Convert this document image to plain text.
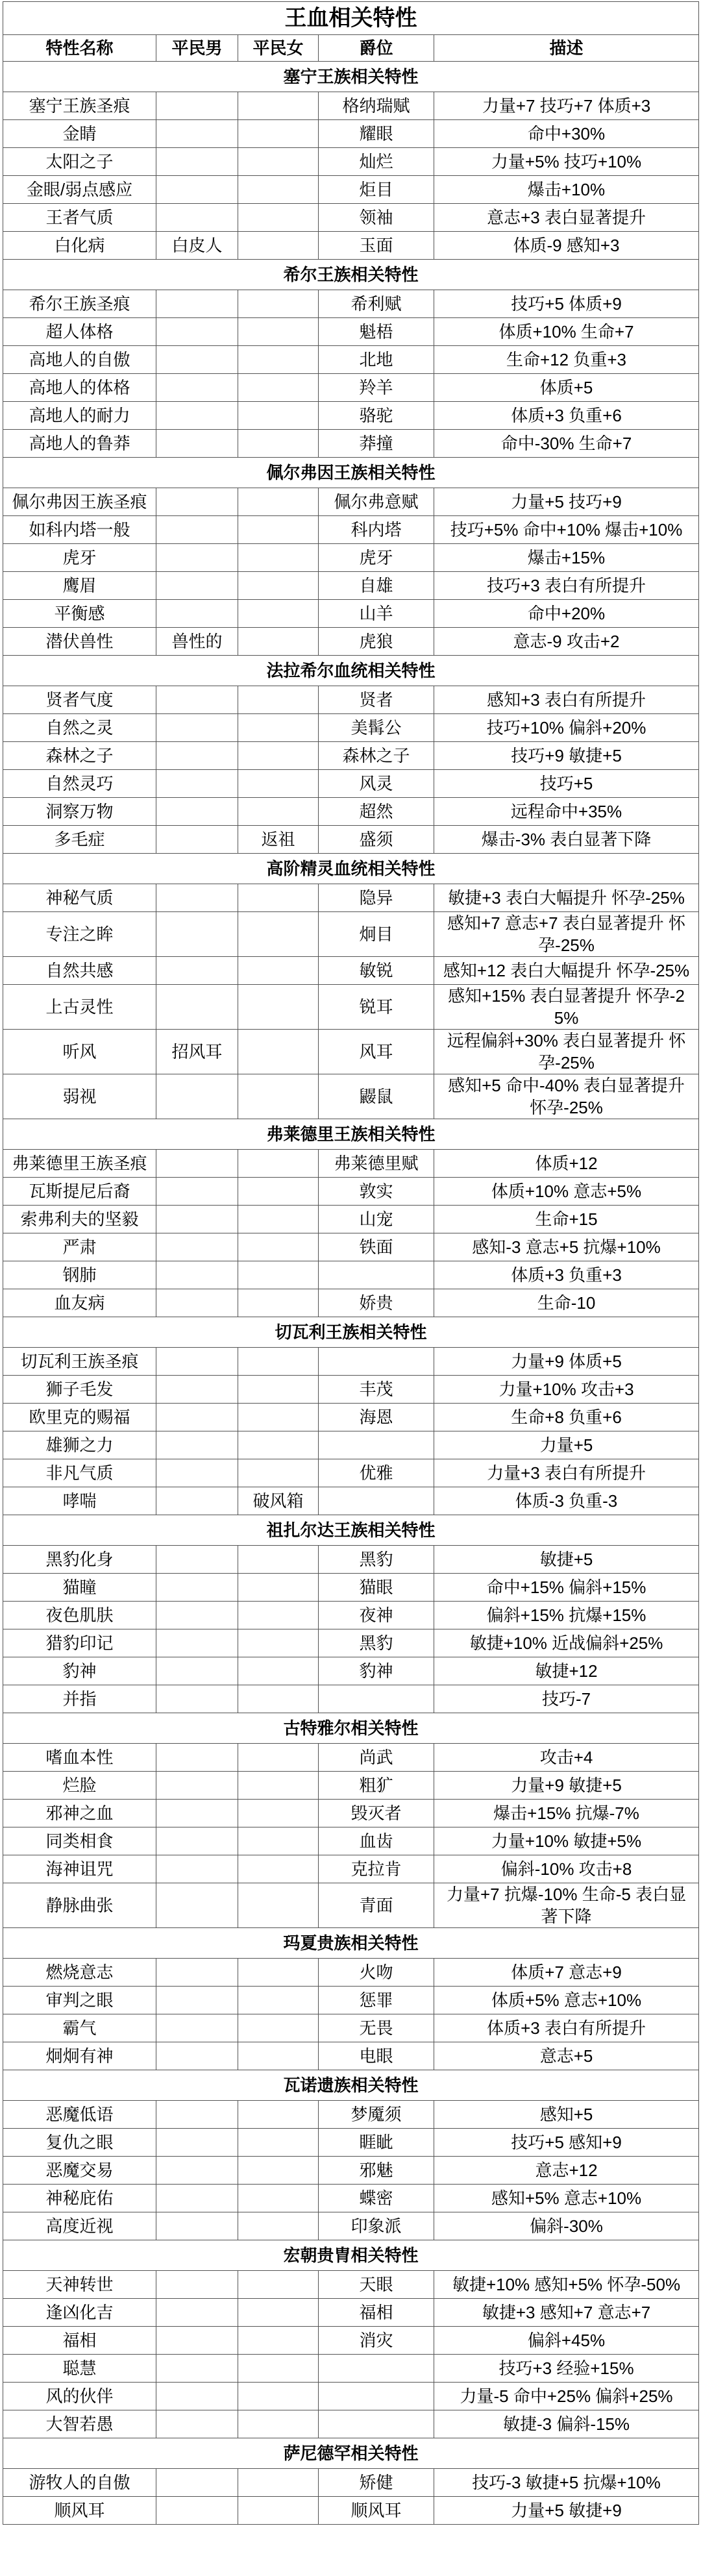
王血相关特性				
特性名称	平民男	平民女	爵位	描述
塞宁王族相关特性				
塞宁王族圣痕			格纳瑞赋	力量+7 技巧+7 体质+3
金睛			耀眼	命中+30%
太阳之子			灿烂	力量+5% 技巧+10%
金眼/弱点感应			炬目	爆击+10%
王者气质			领袖	意志+3 表白显著提升
白化病	白皮人		玉面	体质-9 感知+3
希尔王族相关特性				
希尔王族圣痕			希利赋	技巧+5 体质+9
超人体格			魁梧	体质+10% 生命+7
高地人的自傲			北地	生命+12 负重+3
高地人的体格			羚羊	体质+5
高地人的耐力			骆驼	体质+3 负重+6
高地人的鲁莽			莽撞	命中-30% 生命+7
佩尔弗因王族相关特性				
佩尔弗因王族圣痕			佩尔弗意赋	力量+5 技巧+9
如科内塔一般			科内塔	技巧+5% 命中+10% 爆击+10%
虎牙			虎牙	爆击+15%
鹰眉			自雄	技巧+3 表白有所提升
平衡感			山羊	命中+20%
潜伏兽性	兽性的		虎狼	意志-9 攻击+2
法拉希尔血统相关特性				
贤者气度			贤者	感知+3 表白有所提升
自然之灵			美髯公	技巧+10% 偏斜+20%
森林之子			森林之子	技巧+9 敏捷+5
自然灵巧			风灵	技巧+5
洞察万物			超然	远程命中+35%
多毛症		返祖	盛须	爆击-3% 表白显著下降
高阶精灵血统相关特性				
神秘气质			隐异	敏捷+3 表白大幅提升 怀孕-25%
专注之眸			炯目	感知+7 意志+7 表白显著提升 怀孕-25%
自然共感			敏锐	感知+12 表白大幅提升 怀孕-25%
上古灵性			锐耳	感知+15% 表白显著提升 怀孕-25%
听风	招风耳		风耳	远程偏斜+30% 表白显著提升 怀孕-25%
弱视			鼹鼠	感知+5 命中-40% 表白显著提升 怀孕-25%
弗莱德里王族相关特性				
弗莱德里王族圣痕			弗莱德里赋	体质+12
瓦斯提尼后裔			敦实	体质+10% 意志+5%
索弗利夫的坚毅			山宠	生命+15
严肃			铁面	感知-3 意志+5 抗爆+10%
钢肺				体质+3 负重+3
血友病			娇贵	生命-10
切瓦利王族相关特性				
切瓦利王族圣痕				力量+9 体质+5
狮子毛发			丰茂	力量+10% 攻击+3
欧里克的赐福			海恩	生命+8 负重+6
雄狮之力				力量+5
非凡气质			优雅	力量+3 表白有所提升
哮喘		破风箱		体质-3 负重-3
祖扎尔达王族相关特性				
黑豹化身			黑豹	敏捷+5
猫瞳			猫眼	命中+15% 偏斜+15%
夜色肌肤			夜神	偏斜+15% 抗爆+15%
猎豹印记			黑豹	敏捷+10% 近战偏斜+25%
豹神			豹神	敏捷+12
并指				技巧-7
古特雅尔相关特性				
嗜血本性			尚武	攻击+4
烂脸			粗犷	力量+9 敏捷+5
邪神之血			毁灭者	爆击+15% 抗爆-7%
同类相食			血齿	力量+10% 敏捷+5%
海神诅咒			克拉肯	偏斜-10% 攻击+8
静脉曲张			青面	力量+7 抗爆-10% 生命-5 表白显著下降
玛夏贵族相关特性				
燃烧意志			火吻	体质+7 意志+9
审判之眼			惩罪	体质+5% 意志+10%
霸气			无畏	体质+3 表白有所提升
炯炯有神			电眼	意志+5
瓦诺遗族相关特性				
恶魔低语			梦魇须	感知+5
复仇之眼			睚眦	技巧+5 感知+9
恶魔交易			邪魅	意志+12
神秘庇佑			蝶密	感知+5% 意志+10%
高度近视			印象派	偏斜-30%
宏朝贵胄相关特性				
天神转世			天眼	敏捷+10% 感知+5% 怀孕-50%
逢凶化吉			福相	敏捷+3 感知+7 意志+7
福相			消灾	偏斜+45%
聪慧				技巧+3 经验+15%
风的伙伴				力量-5 命中+25% 偏斜+25%
大智若愚				敏捷-3 偏斜-15%
萨尼德罕相关特性				
游牧人的自傲			矫健	技巧-3 敏捷+5 抗爆+10%
顺风耳			顺风耳	力量+5 敏捷+9
